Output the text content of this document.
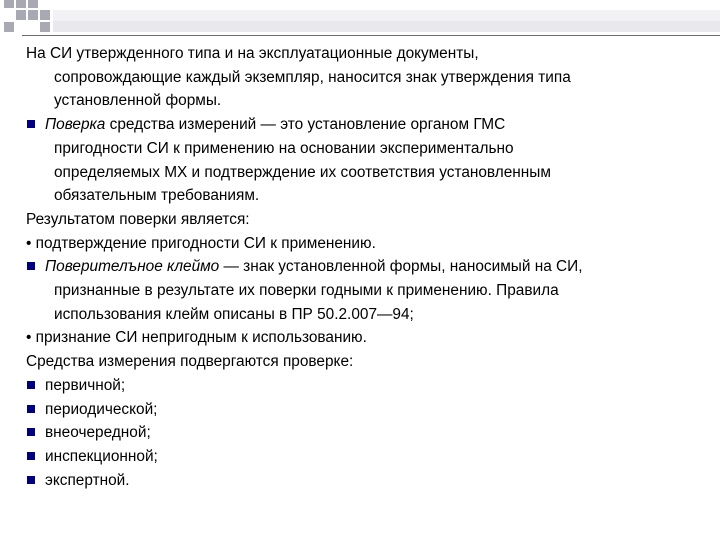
На СИ утвержденного типа и на эксплуатационные документы,

сопровождающие каждый экземпляр, наносится знак утверждения типа

установленной формы.

Поверка средства измерений — это установление органом ГМС

пригодности СИ к применению на основании экспериментально

определяемых МХ и подтверждение их соответствия установленным

обязательным требованиям.

Результатом поверки является:

• подтверждение пригодности СИ к применению.

Поверителъное клеймо — знак установленной формы, наносимый на СИ,

признанные в результате их поверки годными к применению. Правила

использования клейм описаны в ПР 50.2.007—94;

• признание СИ непригодным к использованию.

Средства измерения подвергаются проверке:

первичной;

периодической;

внеочередной;

инспекционной;

экспертной.
